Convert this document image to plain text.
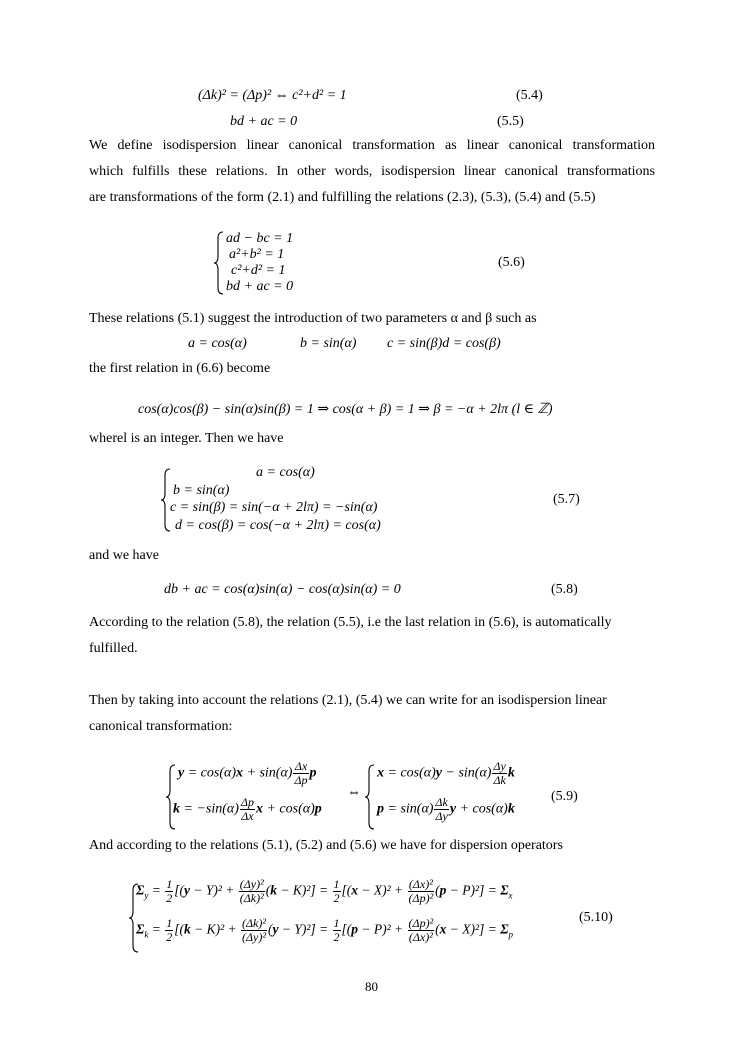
(Δk)² = (Δp)² ⇔ c²+d² = 1	(5.4)
bd + ac = 0	(5.5)
We define isodispersion linear canonical transformation as linear canonical transformation
which fulfills these relations. In other words, isodispersion linear canonical transformations
are transformations of the form (2.1) and fulfilling the relations (2.3), (5.3), (5.4) and (5.5)
ad − bc = 1
a²+b² = 1
c²+d² = 1
bd + ac = 0
(5.6)
These relations (5.1) suggest the introduction of two parameters α and β such as
a = cos(α)	b = sin(α) c = sin(β)d = cos(β)
the first relation in (6.6) become
cos(α)cos(β) − sin(α)sin(β) = 1 ⇒ cos(α + β) = 1 ⇒ β = −α + 2lπ (l ∈ ℤ)
wherel is an integer. Then we have
a = cos(α)
b = sin(α)
c = sin(β) = sin(−α + 2lπ) = −sin(α)
d = cos(β) = cos(−α + 2lπ) = cos(α)
(5.7)
and we have
db + ac = cos(α)sin(α) − cos(α)sin(α) = 0	(5.8)
According to the relation (5.8), the relation (5.5), i.e the last relation in (5.6), is automatically
fulfilled.
Then by taking into account the relations (2.1), (5.4) we can write for an isodispersion linear
canonical transformation:
$y = \cos(\alpha)x + \sin(\alpha) \frac{\Delta x}{\Delta p}$ p
$k = -\sin(\alpha) \frac{\Delta p}{\Delta x}$ x + cos(α)p
⇔
$x = \cos(\alpha)y - \sin(\alpha) \frac{\Delta y}{\Delta k}$ k
$p = \sin(\alpha) \frac{\Delta k}{\Delta y}$ y + cos(α)k
(5.9)
And according to the relations (5.1), (5.2) and (5.6) we have for dispersion operators
$\Sigma_y = \frac{1}{2} [(y - Y)^2 + \frac{\text{(Δy)²}}{\text{(Δk)²}} (k - K)^2] = \frac{1}{2} [(x - X)^2 + \frac{\text{(Δx)²}}{\text{(Δp)²}} (p - P)^2] = \Sigma_x$
$\Sigma_k = \frac{1}{2} [(k - K)^2 + \frac{\text{(Δk)²}}{\text{(Δy)²}} (y - Y)^2] = \frac{1}{2} [(p - P)^2 + \frac{\text{(Δp)²}}{\text{(Δx)²}} (x - X)^2] = \Sigma_p$
(5.10)
80
